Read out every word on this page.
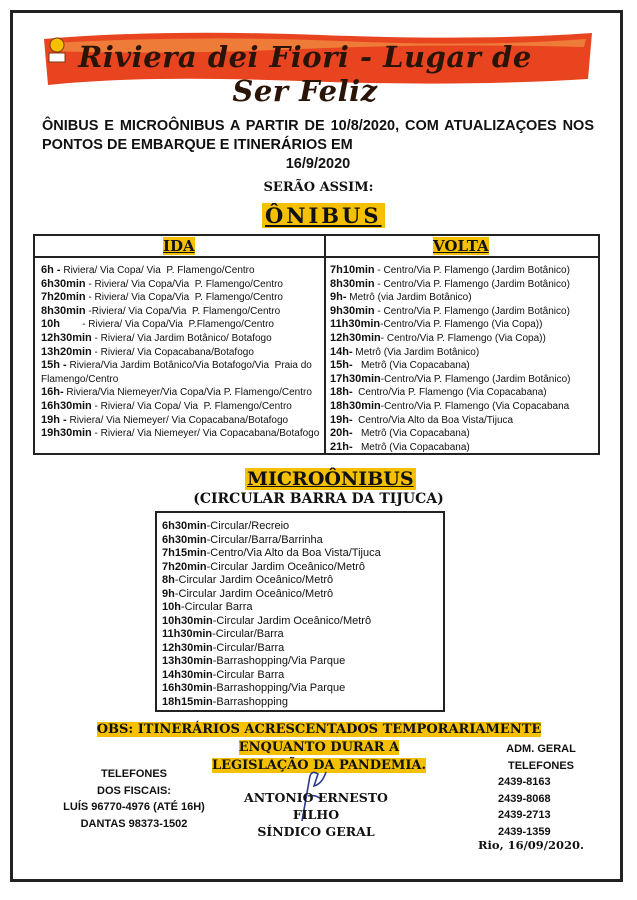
Riviera dei Fiori - Lugar de Ser Feliz
ÔNIBUS E MICROÔNIBUS A PARTIR DE 10/8/2020, COM ATUALIZAÇOES NOS PONTOS DE EMBARQUE E ITINERÁRIOS EM
16/9/2020
SERÃO ASSIM:
ÔNIBUS
IDA	VOLTA
6h - Riviera/ Via Copa/ Via  P. Flamengo/Centro
6h30min - Riviera/ Via Copa/Via  P. Flamengo/Centro
7h20min - Riviera/ Via Copa/Via  P. Flamengo/Centro
8h30min -Riviera/ Via Copa/Via  P. Flamengo/Centro
10h        - Riviera/ Via Copa/Via  P.Flamengo/Centro
12h30min - Riviera/ Via Jardim Botânico/ Botafogo
13h20min - Riviera/ Via Copacabana/Botafogo
15h - Riviera/Via Jardim Botânico/Via Botafogo/Via  Praia do Flamengo/Centro
16h- Riviera/Via Niemeyer/Via Copa/Via P. Flamengo/Centro
16h30min - Riviera/ Via Copa/ Via  P. Flamengo/Centro
19h - Riviera/ Via Niemeyer/ Via Copacabana/Botafogo
19h30min - Riviera/ Via Niemeyer/ Via Copacabana/Botafogo
7h10min - Centro/Via P. Flamengo (Jardim Botânico)
8h30min - Centro/Via P. Flamengo (Jardim Botânico)
9h- Metrô (via Jardim Botânico)
9h30min - Centro/Via P. Flamengo (Jardim Botânico)
11h30min-Centro/Via P. Flamengo (Via Copa))
12h30min- Centro/Via P. Flamengo (Via Copa))
14h- Metrô (Via Jardim Botânico)
15h-   Metrô (Via Copacabana)
17h30min-Centro/Via P. Flamengo (Jardim Botânico)
18h-  Centro/Via P. Flamengo (Via Copacabana)
18h30min-Centro/Via P. Flamengo (Via Copacabana
19h-  Centro/Via Alto da Boa Vista/Tijuca
20h-   Metrô (Via Copacabana)
21h-   Metrô (Via Copacabana)
MICROÔNIBUS
(CIRCULAR BARRA DA TIJUCA)
6h30min-Circular/Recreio
6h30min-Circular/Barra/Barrinha
7h15min-Centro/Via Alto da Boa Vista/Tijuca
7h20min-Circular Jardim Oceânico/Metrô
8h-Circular Jardim Oceânico/Metrô
9h-Circular Jardim Oceânico/Metrô
10h-Circular Barra
10h30min-Circular Jardim Oceânico/Metrô
11h30min-Circular/Barra
12h30min-Circular/Barra
13h30min-Barrashopping/Via Parque
14h30min-Circular Barra
16h30min-Barrashopping/Via Parque
18h15min-Barrashopping
OBS: ITINERÁRIOS ACRESCENTADOS TEMPORARIAMENTE ENQUANTO DURAR A
LEGISLAÇÃO DA PANDEMIA.
ADM. GERAL
TELEFONES
2439-8163
2439-8068
2439-2713
2439-1359
TELEFONES
DOS FISCAIS:
LUÍS 96770-4976 (ATÉ 16H)
DANTAS 98373-1502
ANTONIO ERNESTO FILHO
SÍNDICO GERAL
Rio, 16/09/2020.
